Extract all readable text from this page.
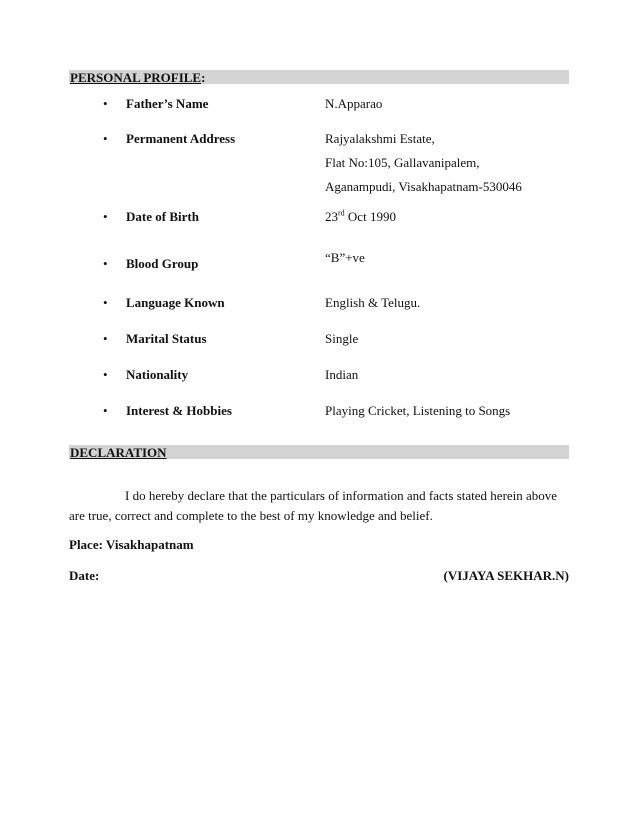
PERSONAL PROFILE:
• Father’s Name	N.Apparao
• Permanent Address	Rajyalakshmi Estate,
Flat No:105, Gallavanipalem,
Aganampudi, Visakhapatnam-530046
• Date of Birth	23rd Oct 1990
• Blood Group	“B”+ve
• Language Known	English & Telugu.
• Marital Status	Single
• Nationality	Indian
• Interest & Hobbies	Playing Cricket, Listening to Songs
DECLARATION
I do hereby declare that the particulars of information and facts stated herein above are true, correct and complete to the best of my knowledge and belief.
Place: Visakhapatnam
Date:	(VIJAYA SEKHAR.N)
